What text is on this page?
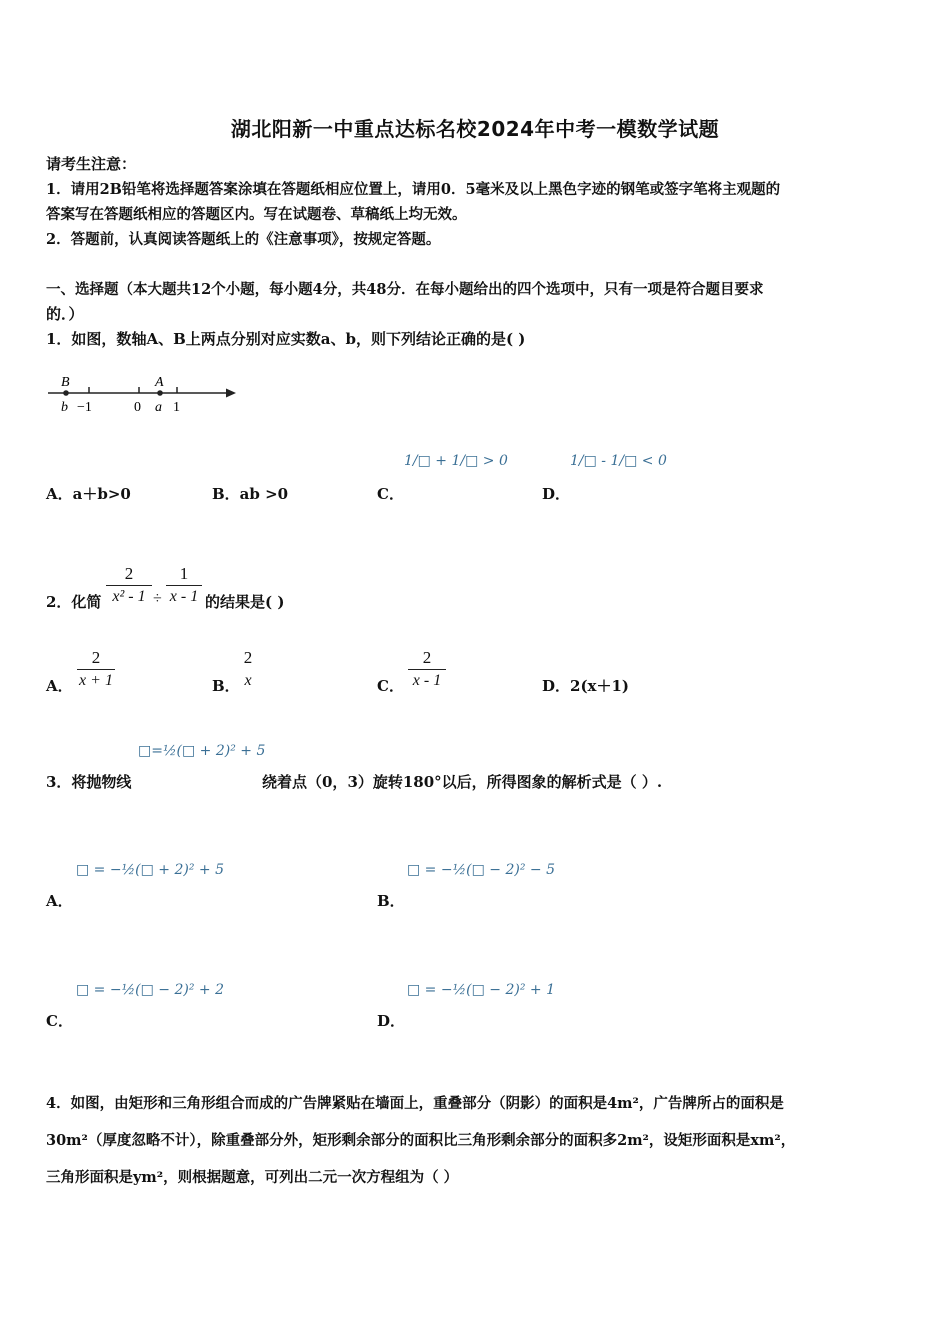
湖北阳新一中重点达标名校2024年中考一模数学试题
请考生注意：
1．请用2B铅笔将选择题答案涂填在答题纸相应位置上，请用0．5毫米及以上黑色字迹的钢笔或签字笔将主观题的
答案写在答题纸相应的答题区内。写在试题卷、草稿纸上均无效。
2．答题前，认真阅读答题纸上的《注意事项》，按规定答题。
一、选择题（本大题共12个小题，每小题4分，共48分．在每小题给出的四个选项中，只有一项是符合题目要求
的．）
1．如图，数轴A、B上两点分别对应实数a、b，则下列结论正确的是( )
B	A
b −1	0 a 1
A．a＋b>0	B．ab >0	C．
1/□ + 1/□ > 0
D．
1/□ - 1/□ < 0
2．化简
2
x² - 1 ÷
1
x - 1 的结果是( )
A．
2
x + 1	B．
2
x	C．
2
x - 1	D．2(x＋1)
3．将抛物线
□=½(□ + 2)² + 5
绕着点（0，3）旋转180°以后，所得图象的解析式是（ ）.
□ = −½(□ + 2)² + 5
A．
□ = −½(□ − 2)² − 5
B．
□ = −½(□ − 2)² + 2
C．
□ = −½(□ − 2)² + 1
D．
4．如图，由矩形和三角形组合而成的广告牌紧贴在墙面上，重叠部分（阴影）的面积是4m²，广告牌所占的面积是
30m²（厚度忽略不计），除重叠部分外，矩形剩余部分的面积比三角形剩余部分的面积多2m²，设矩形面积是xm²，
三角形面积是ym²，则根据题意，可列出二元一次方程组为（ ）
